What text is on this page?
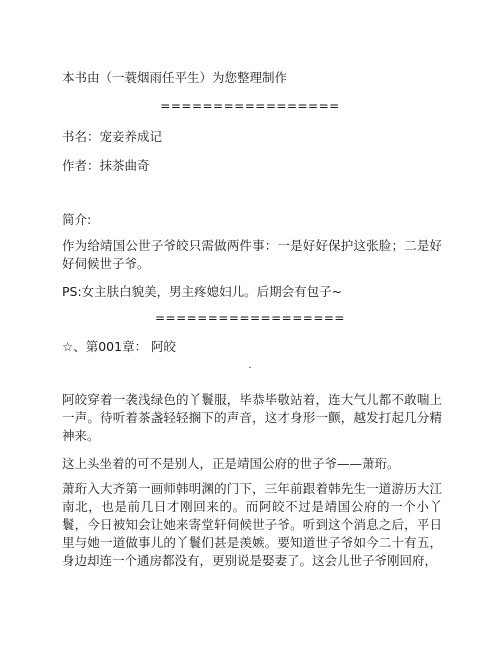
本书由（一蓑烟雨任平生）为您整理制作
=================
书名：宠妾养成记
作者：抹茶曲奇
简介:
作为给靖国公世子爷皎只需做两件事：一是好好保护这张脸；二是好好伺候世子爷。
PS:女主肤白貌美，男主疼媳妇儿。后期会有包子~
==================
☆、第001章： 阿皎
·
阿皎穿着一袭浅绿色的丫鬟服，毕恭毕敬站着，连大气儿都不敢喘上一声。待听着茶盏轻轻搁下的声音，这才身形一颤，越发打起几分精神来。
这上头坐着的可不是别人，正是靖国公府的世子爷——萧珩。
萧珩入大齐第一画师韩明渊的门下，三年前跟着韩先生一道游历大江南北，也是前几日才刚回来的。而阿皎不过是靖国公府的一个小丫鬟，今日被知会让她来寄堂轩伺候世子爷。听到这个消息之后，平日里与她一道做事儿的丫鬟们甚是羡嫉。要知道世子爷如今二十有五，身边却连一个通房都没有，更别说是娶妻了。这会儿世子爷刚回府，
